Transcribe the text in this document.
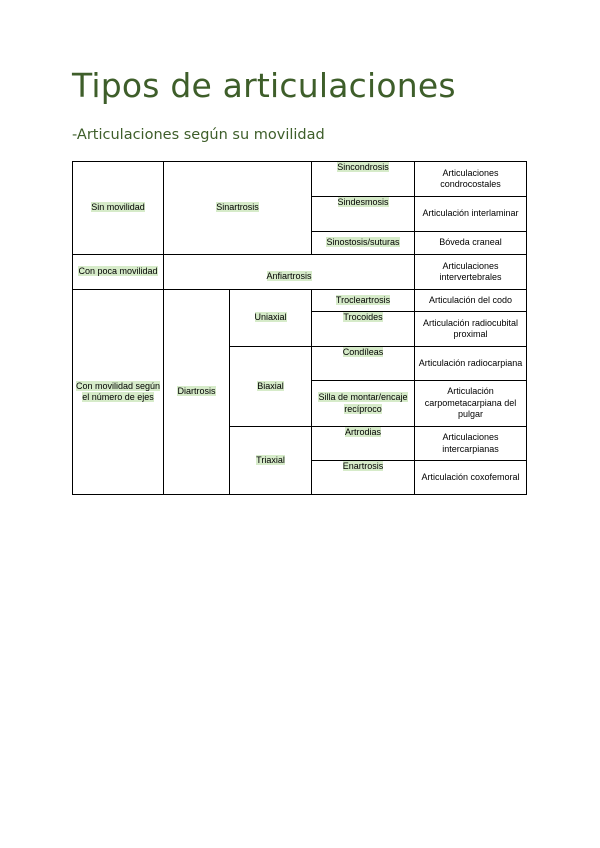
Tipos de articulaciones

-Articulaciones según su movilidad

Sin movilidad	Sinartrosis		Sincondrosis	Articulaciones condrocostales
			Sindesmosis	Articulación interlaminar
			Sinostosis/suturas	Bóveda craneal
Con poca movilidad	Anfiartrosis			Articulaciones intervertebrales
Con movilidad según el número de ejes	Diartrosis	Uniaxial	Trocleartrosis	Articulación del codo
			Trocoides	Articulación radiocubital proximal
		Biaxial	Condíleas	Articulación radiocarpiana
			Silla de montar/encaje recíproco	Articulación carpometacarpiana del pulgar
		Triaxial	Artrodias	Articulaciones intercarpianas
			Enartrosis	Articulación coxofemoral
